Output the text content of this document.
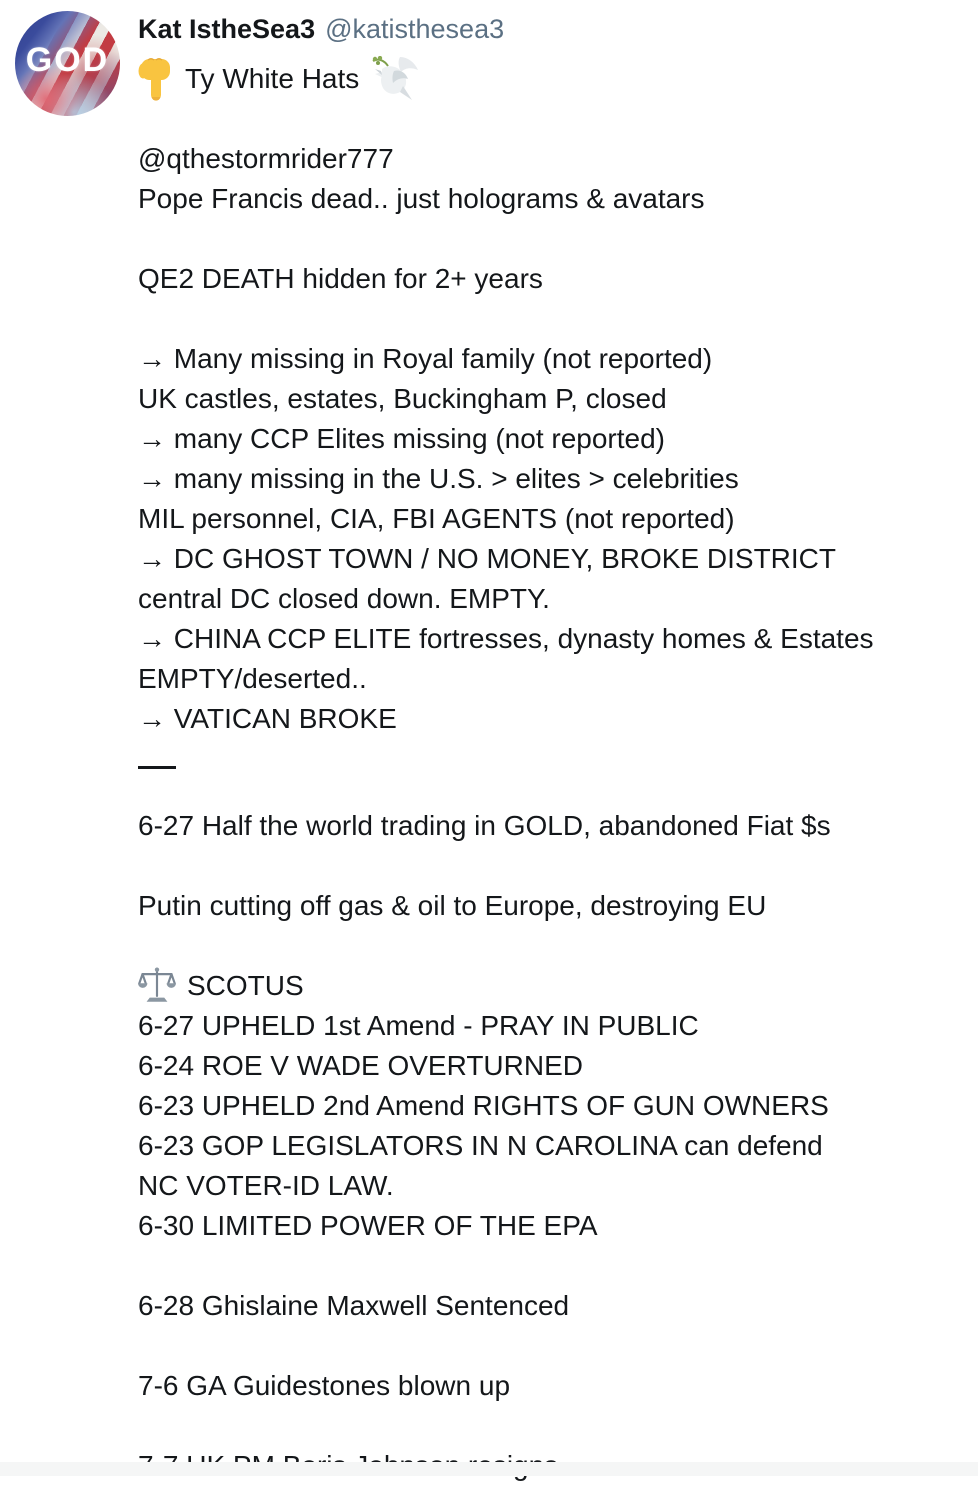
GOD
Kat IstheSea3 @katisthesea3
Ty White Hats
@qthestormrider777
Pope Francis dead.. just holograms & avatars
QE2 DEATH hidden for 2+ years
→ Many missing in Royal family (not reported)
UK castles, estates, Buckingham P, closed
→ many CCP Elites missing (not reported)
→ many missing in the U.S. > elites > celebrities
MIL personnel, CIA, FBI AGENTS (not reported)
→ DC GHOST TOWN / NO MONEY, BROKE DISTRICT
central DC closed down. EMPTY.
→ CHINA CCP ELITE fortresses, dynasty homes & Estates
EMPTY/deserted..
→ VATICAN BROKE
6-27 Half the world trading in GOLD, abandoned Fiat $s
Putin cutting off gas & oil to Europe, destroying EU
SCOTUS
6-27 UPHELD 1st Amend - PRAY IN PUBLIC
6-24 ROE V WADE OVERTURNED
6-23 UPHELD 2nd Amend RIGHTS OF GUN OWNERS
6-23 GOP LEGISLATORS IN N CAROLINA can defend
NC VOTER-ID LAW.
6-30 LIMITED POWER OF THE EPA
6-28 Ghislaine Maxwell Sentenced
7-6 GA Guidestones blown up
